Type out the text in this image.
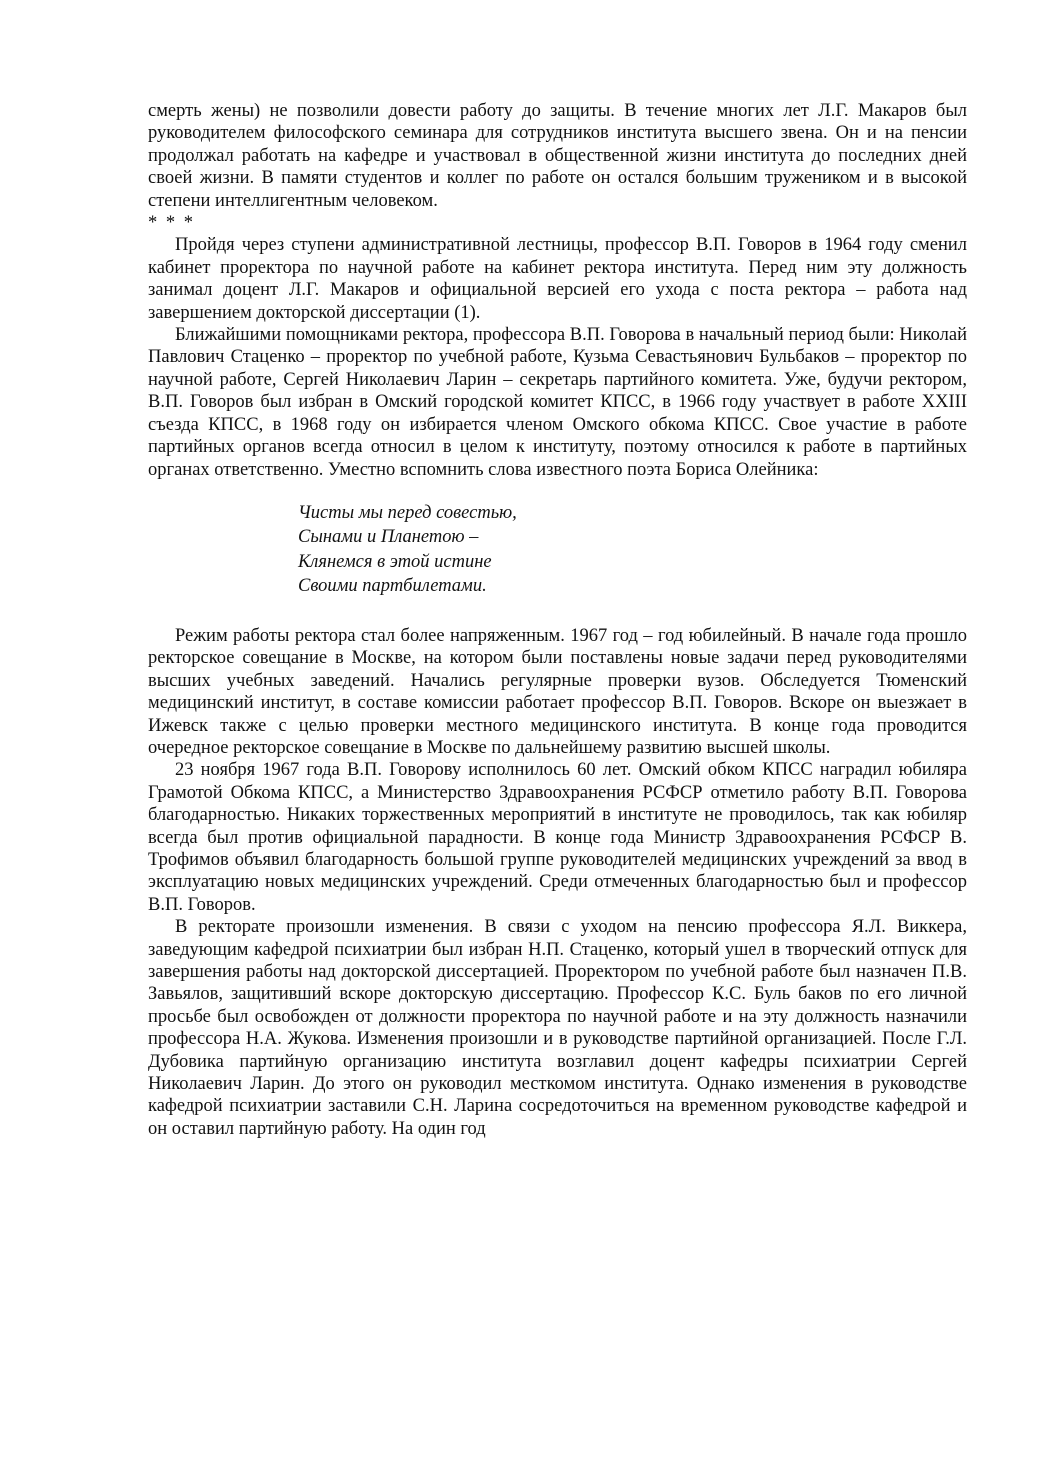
смерть жены) не позволили довести работу до защиты. В течение многих лет Л.Г. Макаров был руководителем философского семинара для сотрудников института высшего звена. Он и на пенсии продолжал работать на кафедре и участвовал в общественной жизни института до последних дней своей жизни. В памяти студентов и коллег по работе он остался большим тружеником и в высокой степени интеллигентным человеком.

* * *

Пройдя через ступени административной лестницы, профессор В.П. Говоров в 1964 году сменил кабинет проректора по научной работе на кабинет ректора института. Перед ним эту должность занимал доцент Л.Г. Макаров и официальной версией его ухода с поста ректора – работа над завершением докторской диссертации (1).

Ближайшими помощниками ректора, профессора В.П. Говорова в начальный период были: Николай Павлович Стаценко – проректор по учебной работе, Кузьма Севастьянович Бульбаков – проректор по научной работе, Сергей Николаевич Ларин – секретарь партийного комитета. Уже, будучи ректором, В.П. Говоров был избран в Омский городской комитет КПСС, в 1966 году участвует в работе XXIII съезда КПСС, в 1968 году он избирается членом Омского обкома КПСС. Свое участие в работе партийных органов всегда относил в целом к институту, поэтому относился к работе в партийных органах ответственно. Уместно вспомнить слова известного поэта Бориса Олейника:

Чисты мы перед совестью,
Сынами и Планетою –
Клянемся в этой истине
Своими партбилетами.

Режим работы ректора стал более напряженным. 1967 год – год юбилейный. В начале года прошло ректорское совещание в Москве, на котором были поставлены новые задачи перед руководителями высших учебных заведений. Начались регулярные проверки вузов. Обследуется Тюменский медицинский институт, в составе комиссии работает профессор В.П. Говоров. Вскоре он выезжает в Ижевск также с целью проверки местного медицинского института. В конце года проводится очередное ректорское совещание в Москве по дальнейшему развитию высшей школы.

23 ноября 1967 года В.П. Говорову исполнилось 60 лет. Омский обком КПСС наградил юбиляра Грамотой Обкома КПСС, а Министерство Здравоохранения РСФСР отметило работу В.П. Говорова благодарностью. Никаких торжественных мероприятий в институте не проводилось, так как юбиляр всегда был против официальной парадности. В конце года Министр Здравоохранения РСФСР В. Трофимов объявил благодарность большой группе руководителей медицинских учреждений за ввод в эксплуатацию новых медицинских учреждений. Среди отмеченных благодарностью был и профессор В.П. Говоров.

В ректорате произошли изменения. В связи с уходом на пенсию профессора Я.Л. Виккера, заведующим кафедрой психиатрии был избран Н.П. Стаценко, который ушел в творческий отпуск для завершения работы над докторской диссертацией. Проректором по учебной работе был назначен П.В. Завьялов, защитивший вскоре докторскую диссертацию. Профессор К.С. Буль баков по его личной просьбе был освобожден от должности проректора по научной работе и на эту должность назначили профессора Н.А. Жукова. Изменения произошли и в руководстве партийной организацией. После Г.Л. Дубовика партийную организацию института возглавил доцент кафедры психиатрии Сергей Николаевич Ларин. До этого он руководил месткомом института. Однако изменения в руководстве кафедрой психиатрии заставили С.Н. Ларина сосредоточиться на временном руководстве кафедрой и он оставил партийную работу. На один год
